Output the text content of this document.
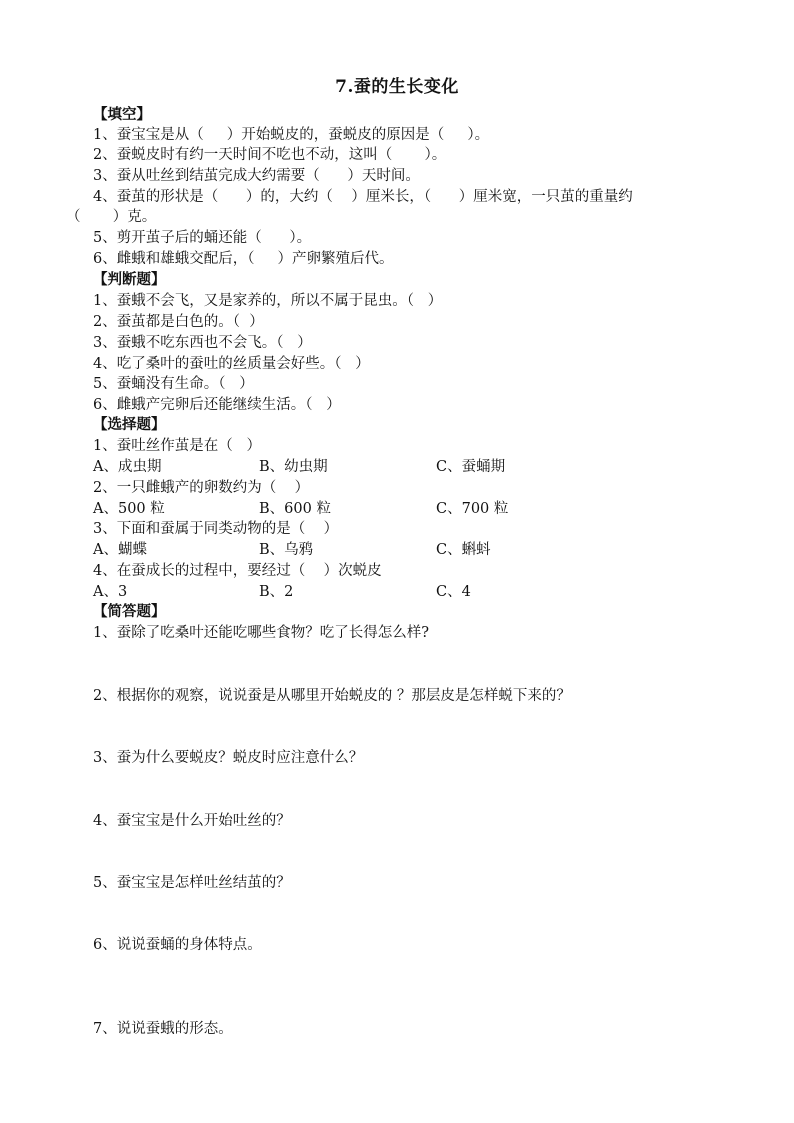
7.蚕的生长变化
【填空】
1、蚕宝宝是从（     ）开始蜕皮的，蚕蜕皮的原因是（     ）。
2、蚕蜕皮时有约一天时间不吃也不动，这叫（       ）。
3、蚕从吐丝到结茧完成大约需要（      ）天时间。
4、蚕茧的形状是（      ）的，大约（    ）厘米长，（      ）厘米宽，一只茧的重量约
（       ）克。
5、剪开茧子后的蛹还能（      ）。
6、雌蛾和雄蛾交配后，（     ）产卵繁殖后代。
【判断题】
1、蚕蛾不会飞，又是家养的，所以不属于昆虫。（   ）
2、蚕茧都是白色的。（  ）
3、蚕蛾不吃东西也不会飞。（   ）
4、吃了桑叶的蚕吐的丝质量会好些。（   ）
5、蚕蛹没有生命。（   ）
6、雌蛾产完卵后还能继续生活。（   ）
【选择题】
1、蚕吐丝作茧是在（   ）
A、成虫期	B、幼虫期	C、蚕蛹期
2、一只雌蛾产的卵数约为（    ）
A、500 粒	B、600 粒	C、700 粒
3、下面和蚕属于同类动物的是（    ）
A、蝴蝶	B、乌鸦	C、蝌蚪
4、在蚕成长的过程中，要经过（    ）次蜕皮
A、3	B、2	C、4
【简答题】
1、蚕除了吃桑叶还能吃哪些食物？吃了长得怎么样?
2、根据你的观察，说说蚕是从哪里开始蜕皮的 ？那层皮是怎样蜕下来的？
3、蚕为什么要蜕皮？蜕皮时应注意什么？
4、蚕宝宝是什么开始吐丝的？
5、蚕宝宝是怎样吐丝结茧的？
6、说说蚕蛹的身体特点。
7、说说蚕蛾的形态。
